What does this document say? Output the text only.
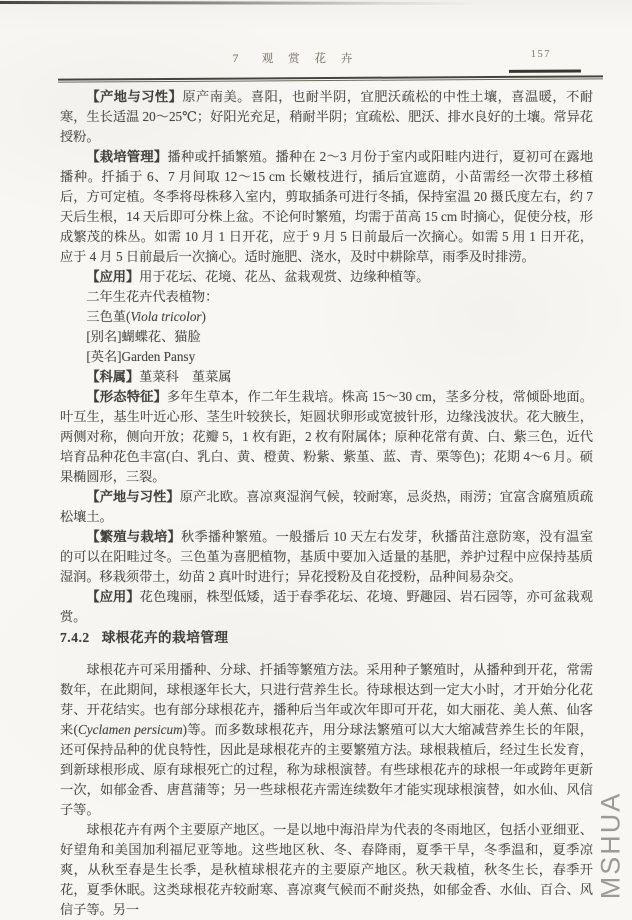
7　观 赏 花 卉	157

【产地与习性】原产南美。喜阳，也耐半阴，宜肥沃疏松的中性土壤，喜温暖，不耐寒，生长适温 20～25℃；好阳光充足，稍耐半阴；宜疏松、肥沃、排水良好的土壤。常异花授粉。

【栽培管理】播种或扦插繁殖。播种在 2～3 月份于室内或阳畦内进行，夏初可在露地播种。扦插于 6、7 月间取 12～15 cm 长嫩枝进行，插后宜遮荫，小苗需经一次带土移植后，方可定植。冬季将母株移入室内，剪取插条可进行冬插，保持室温 20 摄氏度左右，约 7 天后生根，14 天后即可分株上盆。不论何时繁殖，均需于苗高 15 cm 时摘心，促使分枝，形成繁茂的株丛。如需 10 月 1 日开花，应于 9 月 5 日前最后一次摘心。如需 5 用 1 日开花，应于 4 月 5 日前最后一次摘心。适时施肥、浇水，及时中耕除草，雨季及时排涝。

【应用】用于花坛、花境、花丛、盆栽观赏、边缘种植等。

二年生花卉代表植物：

三色堇(Viola tricolor)

[别名]蝴蝶花、猫脸

[英名]Garden Pansy

【科属】堇菜科　堇菜属

【形态特征】多年生草本，作二年生栽培。株高 15～30 cm，茎多分枝，常倾卧地面。叶互生，基生叶近心形、茎生叶较狭长，矩圆状卵形或宽披针形，边缘浅波状。花大腋生，两侧对称，侧向开放；花瓣 5，1 枚有距，2 枚有附属体；原种花常有黄、白、紫三色，近代培育品种花色丰富(白、乳白、黄、橙黄、粉紫、紫堇、蓝、青、栗等色)；花期 4～6 月。硕果椭圆形，三裂。

【产地与习性】原产北欧。喜凉爽湿润气候，较耐寒，忌炎热，雨涝；宜富含腐殖质疏松壤土。

【繁殖与栽培】秋季播种繁殖。一般播后 10 天左右发芽，秋播苗注意防寒，没有温室的可以在阳畦过冬。三色堇为喜肥植物，基质中要加入适量的基肥，养护过程中应保持基质湿润。移栽须带土，幼苗 2 真叶时进行；异花授粉及自花授粉，品种间易杂交。

【应用】花色瑰丽，株型低矮，适于春季花坛、花境、野趣园、岩石园等，亦可盆栽观赏。

7.4.2 球根花卉的栽培管理

球根花卉可采用播种、分球、扦插等繁殖方法。采用种子繁殖时，从播种到开花，常需数年，在此期间，球根逐年长大，只进行营养生长。待球根达到一定大小时，才开始分化花芽、开花结实。也有部分球根花卉，播种后当年或次年即可开花，如大丽花、美人蕉、仙客来(Cyclamen persicum)等。而多数球根花卉，用分球法繁殖可以大大缩减营养生长的年限，还可保持品种的优良特性，因此是球根花卉的主要繁殖方法。球根栽植后，经过生长发育，到新球根形成、原有球根死亡的过程，称为球根演替。有些球根花卉的球根一年或跨年更新一次，如郁金香、唐菖蒲等；另一些球根花卉需连续数年才能实现球根演替，如水仙、风信子等。

球根花卉有两个主要原产地区。一是以地中海沿岸为代表的冬雨地区，包括小亚细亚、好望角和美国加利福尼亚等地。这些地区秋、冬、春降雨，夏季干旱，冬季温和，夏季凉爽，从秋至春是生长季，是秋植球根花卉的主要原产地区。秋天栽植，秋冬生长，春季开花，夏季休眠。这类球根花卉较耐寒、喜凉爽气候而不耐炎热，如郁金香、水仙、百合、风信子等。另一

MSHUA
